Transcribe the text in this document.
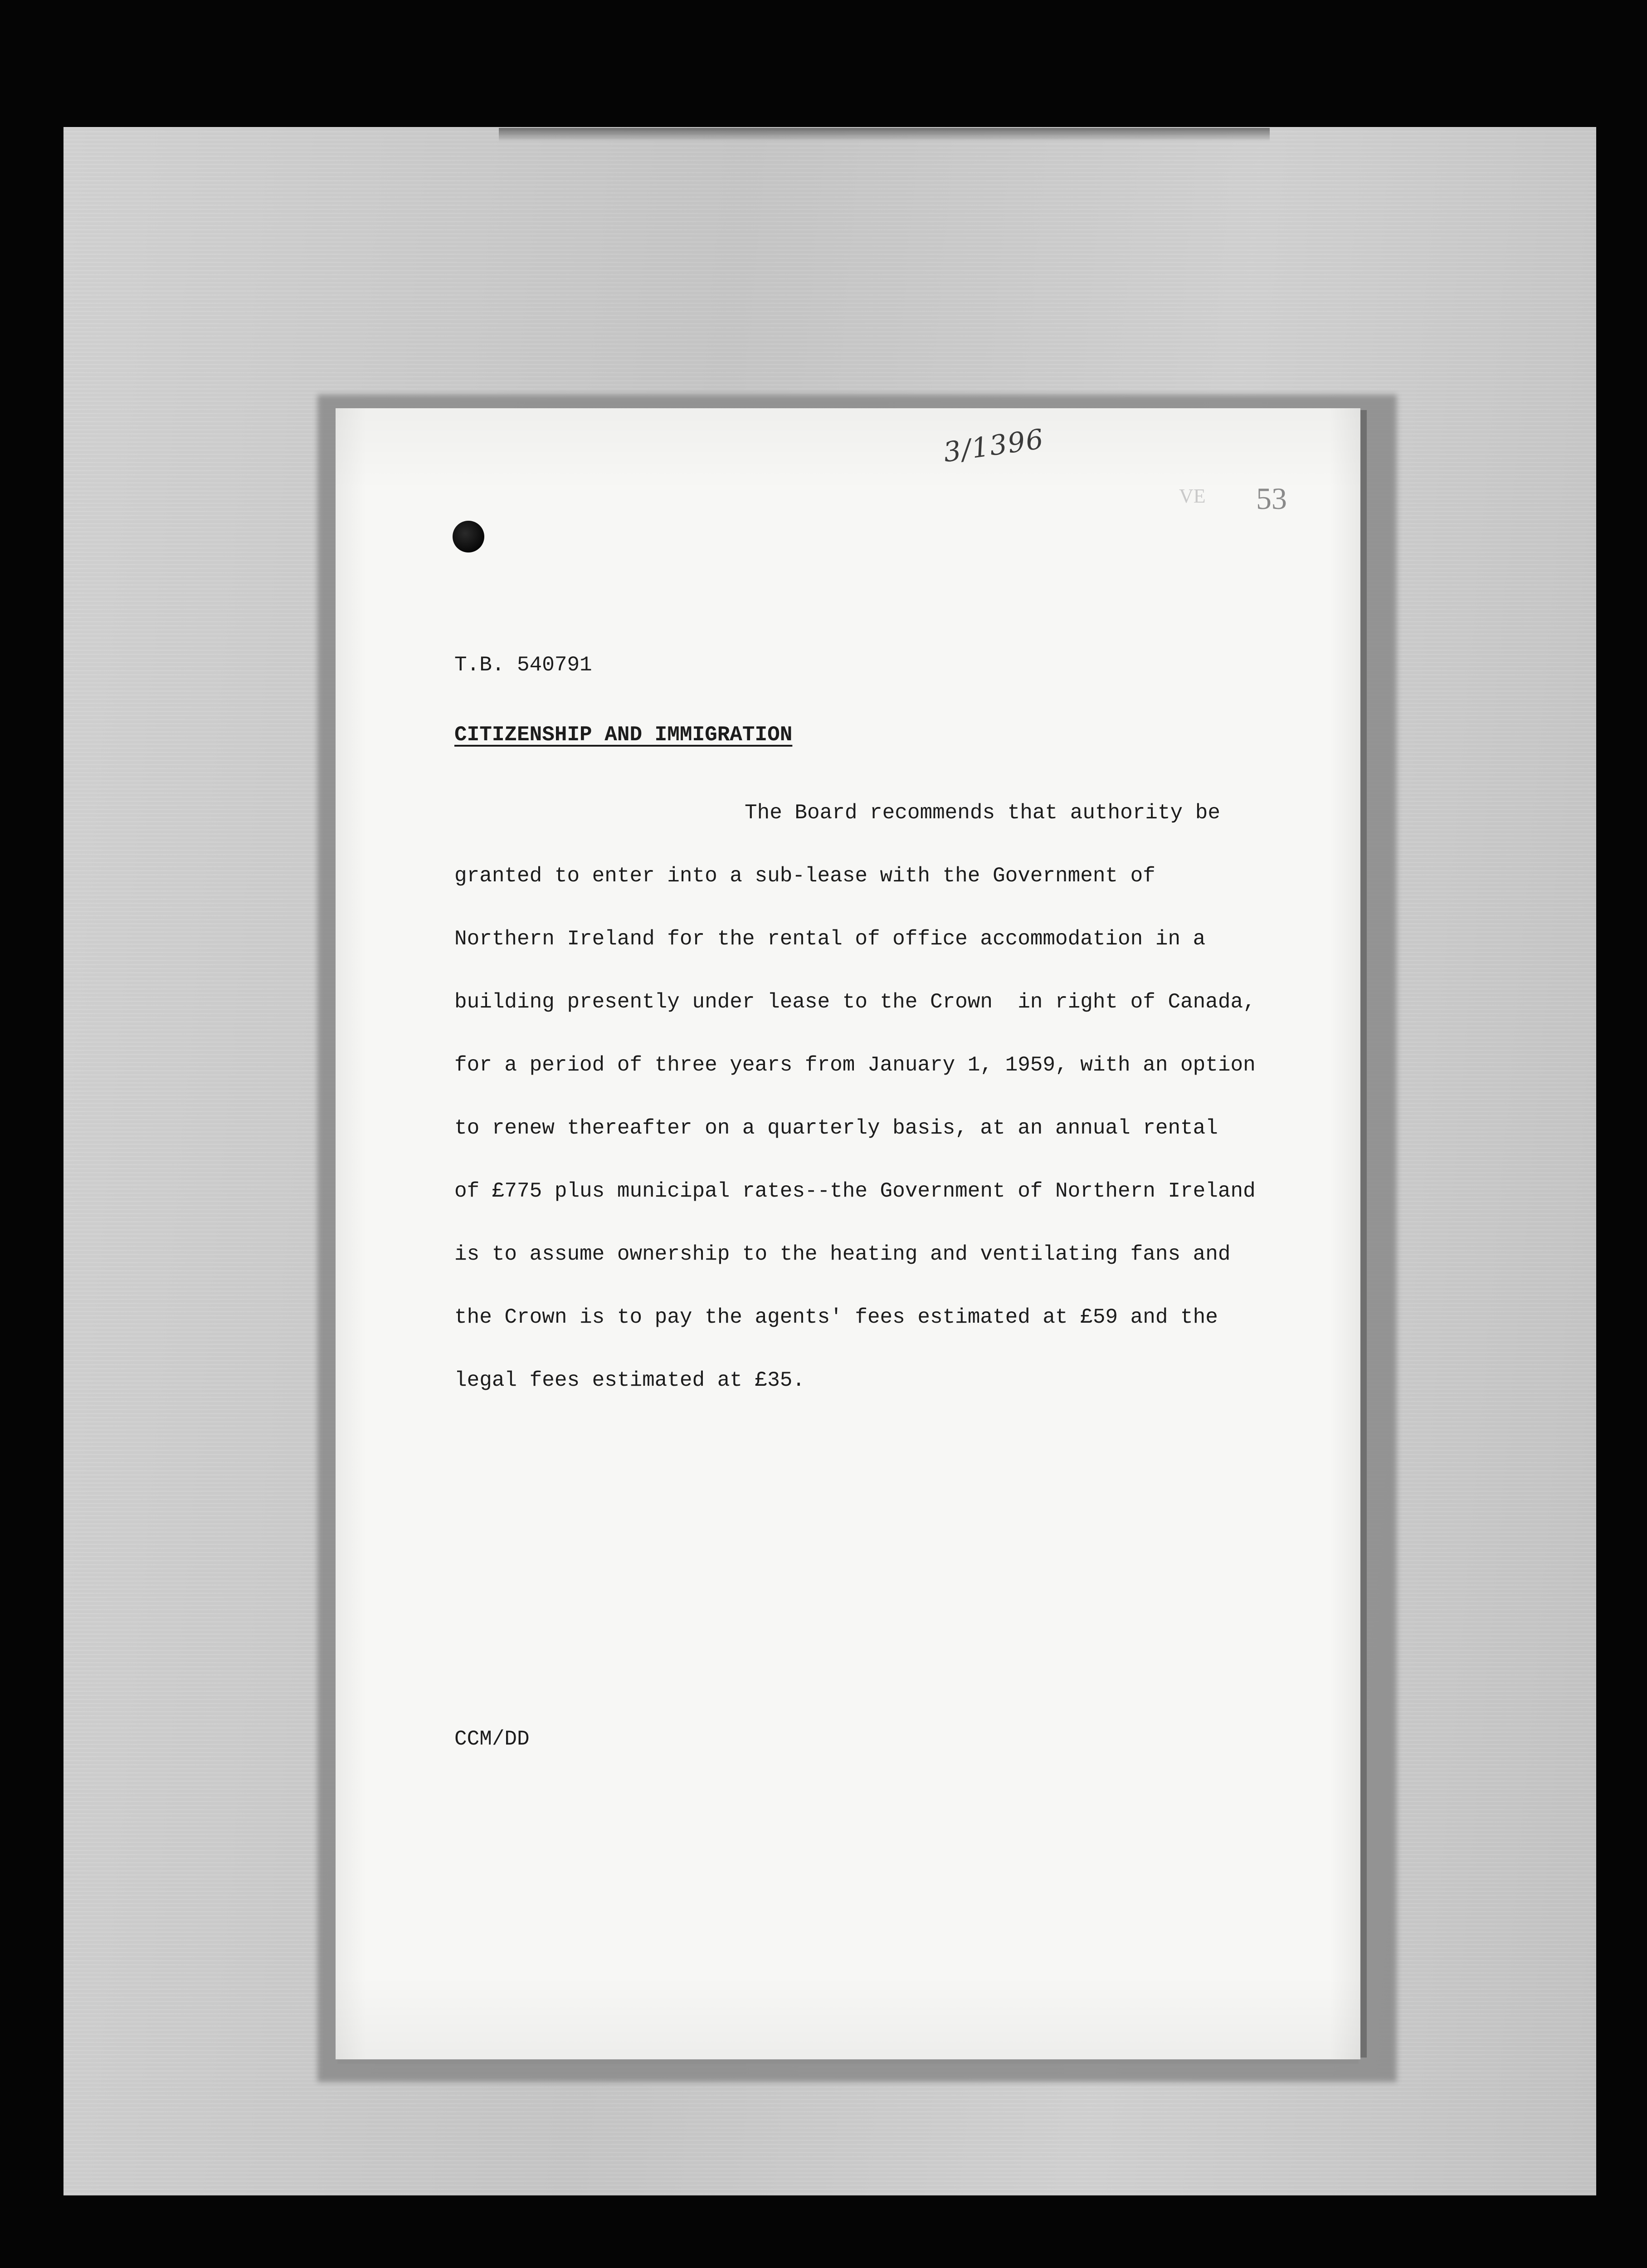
3/1396
VE 53
T.B. 540791
CITIZENSHIP AND IMMIGRATION
The Board recommends that authority be
granted to enter into a sub-lease with the Government of
Northern Ireland for the rental of office accommodation in a
building presently under lease to the Crown  in right of Canada,
for a period of three years from January 1, 1959, with an option
to renew thereafter on a quarterly basis, at an annual rental
of £775 plus municipal rates--the Government of Northern Ireland
is to assume ownership to the heating and ventilating fans and
the Crown is to pay the agents' fees estimated at £59 and the
legal fees estimated at £35.
CCM/DD
